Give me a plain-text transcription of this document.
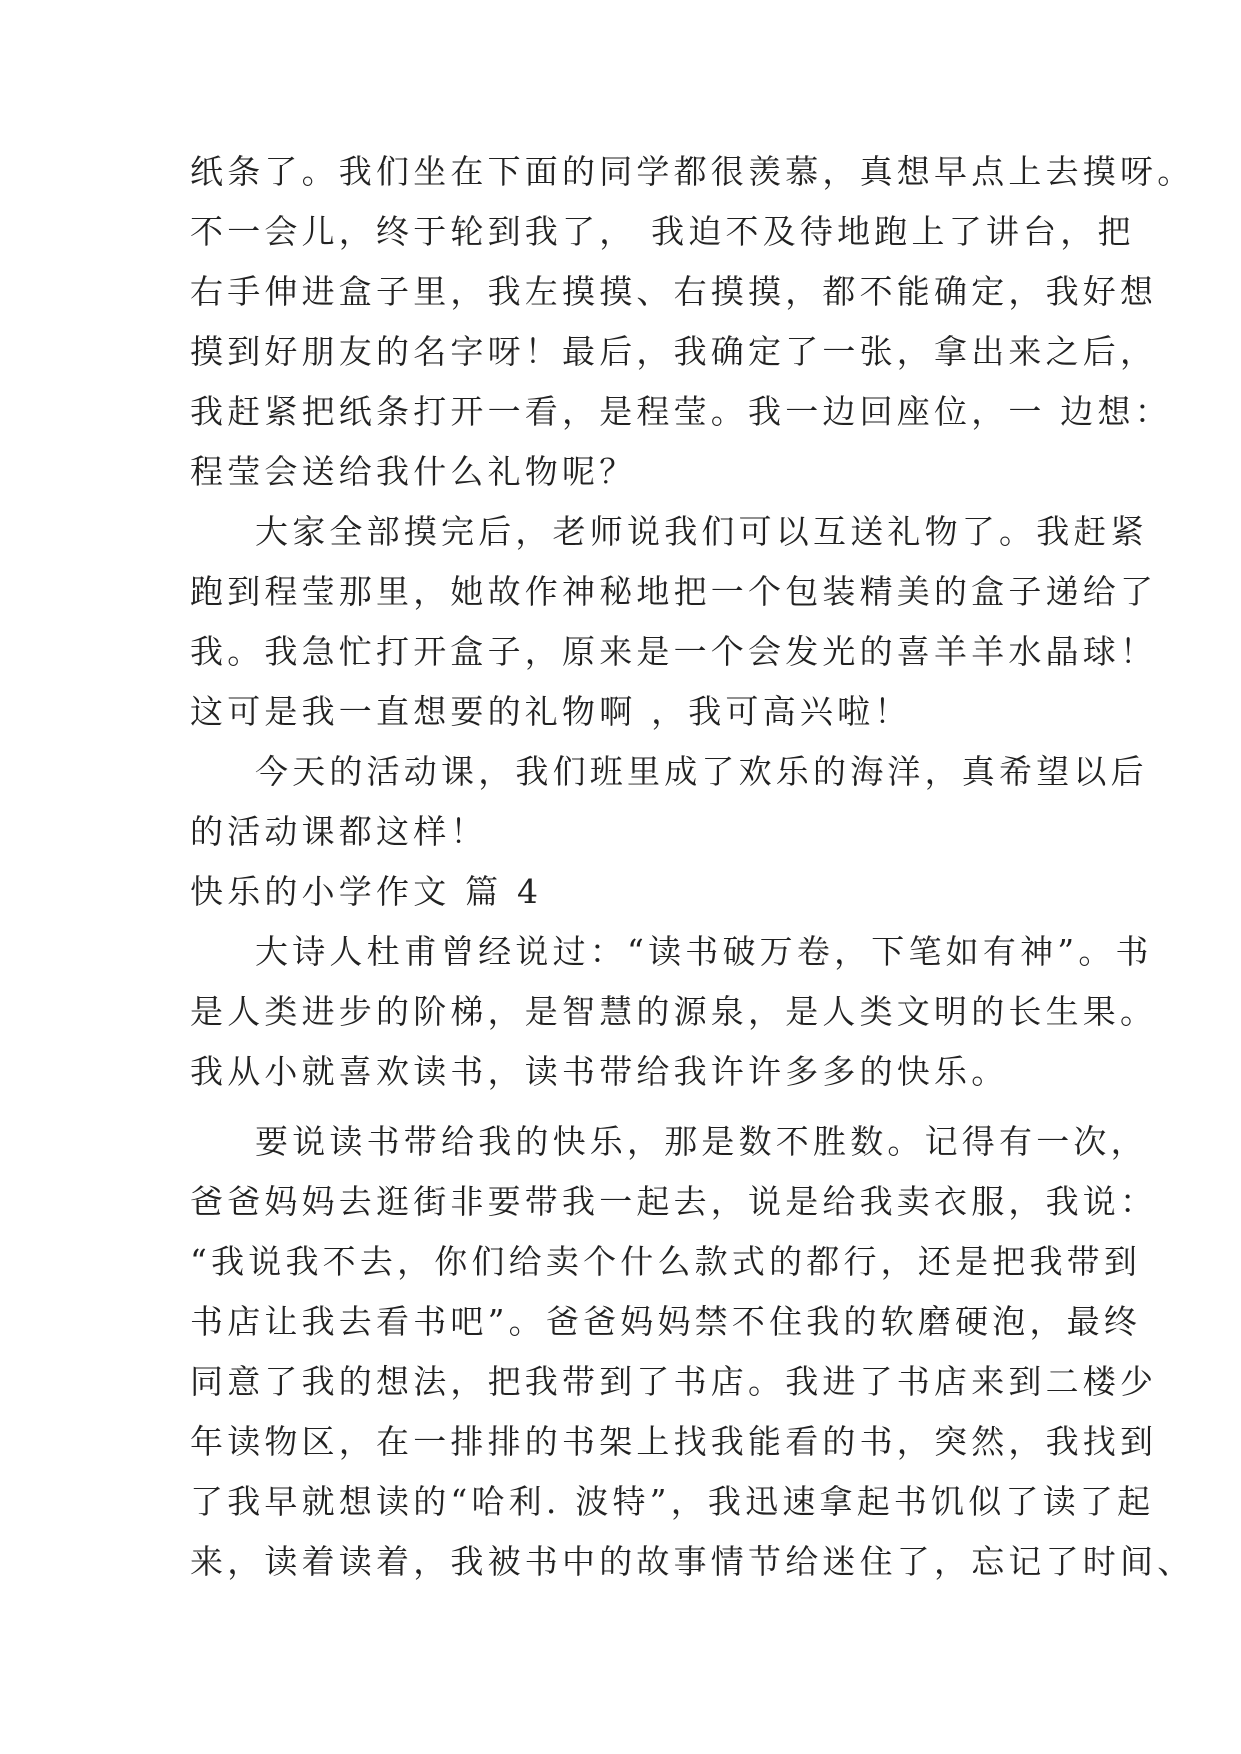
纸条了。我们坐在下面的同学都很羡慕，真想早点上去摸呀。
不一会儿，终于轮到我了， 我迫不及待地跑上了讲台，把
右手伸进盒子里，我左摸摸、右摸摸，都不能确定，我好想
摸到好朋友的名字呀！最后，我确定了一张，拿出来之后，
我赶紧把纸条打开一看，是程莹。我一边回座位，一 边想：
程莹会送给我什么礼物呢？
大家全部摸完后，老师说我们可以互送礼物了。我赶紧
跑到程莹那里，她故作神秘地把一个包装精美的盒子递给了
我。我急忙打开盒子，原来是一个会发光的喜羊羊水晶球！
这可是我一直想要的礼物啊 ，我可高兴啦！
今天的活动课，我们班里成了欢乐的海洋，真希望以后
的活动课都这样！
快乐的小学作文 篇 4
大诗人杜甫曾经说过：“读书破万卷，下笔如有神”。书
是人类进步的阶梯，是智慧的源泉，是人类文明的长生果。
我从小就喜欢读书，读书带给我许许多多的快乐。
要说读书带给我的快乐，那是数不胜数。记得有一次，
爸爸妈妈去逛街非要带我一起去，说是给我卖衣服，我说：
“我说我不去，你们给卖个什么款式的都行，还是把我带到
书店让我去看书吧”。爸爸妈妈禁不住我的软磨硬泡，最终
同意了我的想法，把我带到了书店。我进了书店来到二楼少
年读物区，在一排排的书架上找我能看的书，突然，我找到
了我早就想读的“哈利. 波特”，我迅速拿起书饥似了读了起
来，读着读着，我被书中的故事情节给迷住了，忘记了时间、
